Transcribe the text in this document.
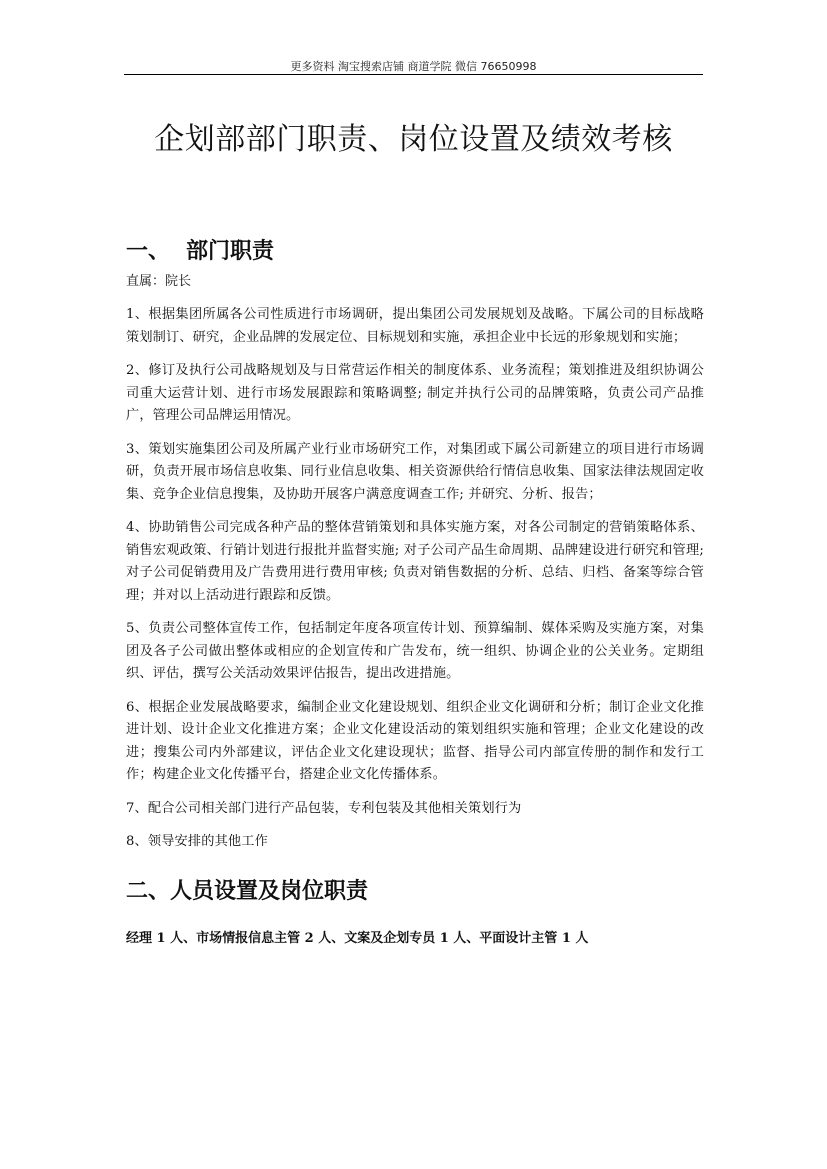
更多资料 淘宝搜索店铺 商道学院 微信 76650998
企划部部门职责、岗位设置及绩效考核
一、 部门职责

直属：院长

1、根据集团所属各公司性质进行市场调研，提出集团公司发展规划及战略。下属公司的目标战略策划制订、研究，企业品牌的发展定位、目标规划和实施，承担企业中长远的形象规划和实施；

2、修订及执行公司战略规划及与日常营运作相关的制度体系、业务流程；策划推进及组织协调公司重大运营计划、进行市场发展跟踪和策略调整; 制定并执行公司的品牌策略，负责公司产品推广，管理公司品牌运用情况。

3、策划实施集团公司及所属产业行业市场研究工作，对集团或下属公司新建立的项目进行市场调研，负责开展市场信息收集、同行业信息收集、相关资源供给行情信息收集、国家法律法规固定收集、竞争企业信息搜集，及协助开展客户满意度调查工作; 并研究、分析、报告；

4、协助销售公司完成各种产品的整体营销策划和具体实施方案，对各公司制定的营销策略体系、销售宏观政策、行销计划进行报批并监督实施; 对子公司产品生命周期、品牌建设进行研究和管理; 对子公司促销费用及广告费用进行费用审核; 负责对销售数据的分析、总结、归档、备案等综合管理；并对以上活动进行跟踪和反馈。

5、负责公司整体宣传工作，包括制定年度各项宣传计划、预算编制、媒体采购及实施方案，对集团及各子公司做出整体或相应的企划宣传和广告发布，统一组织、协调企业的公关业务。定期组织、评估，撰写公关活动效果评估报告，提出改进措施。

6、根据企业发展战略要求，编制企业文化建设规划、组织企业文化调研和分析；制订企业文化推进计划、设计企业文化推进方案；企业文化建设活动的策划组织实施和管理；企业文化建设的改进；搜集公司内外部建议，评估企业文化建设现状；监督、指导公司内部宣传册的制作和发行工作；构建企业文化传播平台，搭建企业文化传播体系。

7、配合公司相关部门进行产品包装，专利包装及其他相关策划行为

8、领导安排的其他工作

二、人员设置及岗位职责

经理 1 人、市场情报信息主管 2 人、文案及企划专员 1 人、平面设计主管 1 人
